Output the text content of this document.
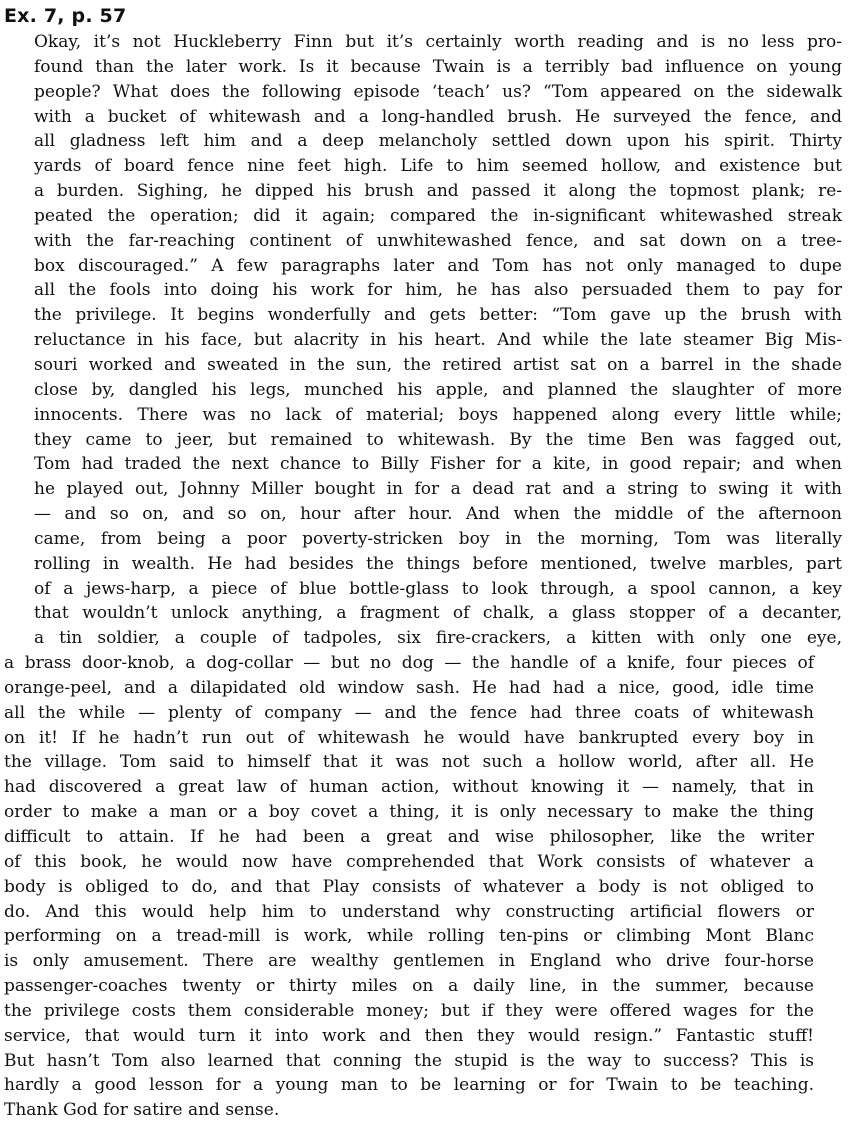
Ex. 7, p. 57
Okay, it’s not Huckleberry Finn but it’s certainly worth reading and is no less pro-
found than the later work. Is it because Twain is a terribly bad influence on young
people? What does the following episode ‘teach’ us? “Tom appeared on the sidewalk
with a bucket of whitewash and a long-handled brush. He surveyed the fence, and
all gladness left him and a deep melancholy settled down upon his spirit. Thirty
yards of board fence nine feet high. Life to him seemed hollow, and existence but
a burden. Sighing, he dipped his brush and passed it along the topmost plank; re-
peated the operation; did it again; compared the in-significant whitewashed streak
with the far-reaching continent of unwhitewashed fence, and sat down on a tree-
box discouraged.” A few paragraphs later and Tom has not only managed to dupe
all the fools into doing his work for him, he has also persuaded them to pay for
the privilege. It begins wonderfully and gets better: “Tom gave up the brush with
reluctance in his face, but alacrity in his heart. And while the late steamer Big Mis-
souri worked and sweated in the sun, the retired artist sat on a barrel in the shade
close by, dangled his legs, munched his apple, and planned the slaughter of more
innocents. There was no lack of material; boys happened along every little while;
they came to jeer, but remained to whitewash. By the time Ben was fagged out,
Tom had traded the next chance to Billy Fisher for a kite, in good repair; and when
he played out, Johnny Miller bought in for a dead rat and a string to swing it with
— and so on, and so on, hour after hour. And when the middle of the afternoon
came, from being a poor poverty-stricken boy in the morning, Tom was literally
rolling in wealth. He had besides the things before mentioned, twelve marbles, part
of a jews-harp, a piece of blue bottle-glass to look through, a spool cannon, a key
that wouldn’t unlock anything, a fragment of chalk, a glass stopper of a decanter,
a tin soldier, a couple of tadpoles, six fire-crackers, a kitten with only one eye,
a brass door-knob, a dog-collar — but no dog — the handle of a knife, four pieces of
orange-peel, and a dilapidated old window sash. He had had a nice, good, idle time
all the while — plenty of company — and the fence had three coats of whitewash
on it! If he hadn’t run out of whitewash he would have bankrupted every boy in
the village. Tom said to himself that it was not such a hollow world, after all. He
had discovered a great law of human action, without knowing it — namely, that in
order to make a man or a boy covet a thing, it is only necessary to make the thing
difficult to attain. If he had been a great and wise philosopher, like the writer
of this book, he would now have comprehended that Work consists of whatever a
body is obliged to do, and that Play consists of whatever a body is not obliged to
do. And this would help him to understand why constructing artificial flowers or
performing on a tread-mill is work, while rolling ten-pins or climbing Mont Blanc
is only amusement. There are wealthy gentlemen in England who drive four-horse
passenger-coaches twenty or thirty miles on a daily line, in the summer, because
the privilege costs them considerable money; but if they were offered wages for the
service, that would turn it into work and then they would resign.” Fantastic stuff!
But hasn’t Tom also learned that conning the stupid is the way to success? This is
hardly a good lesson for a young man to be learning or for Twain to be teaching.
Thank God for satire and sense.
